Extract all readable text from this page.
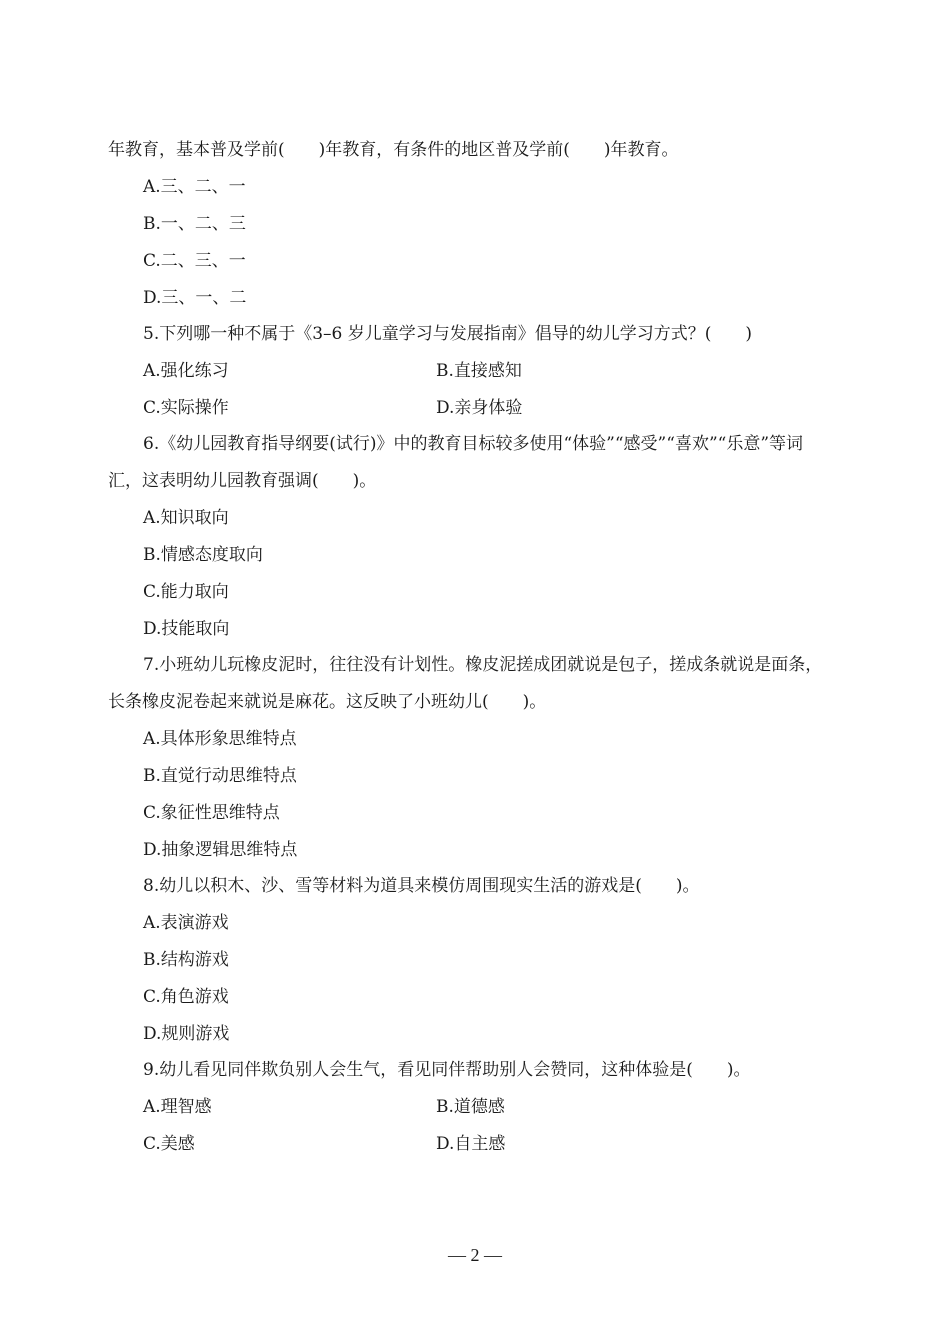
年教育，基本普及学前(　　)年教育，有条件的地区普及学前(　　)年教育。
A.三、二、一
B.一、二、三
C.二、三、一
D.三、一、二
5.下列哪一种不属于《3–6 岁儿童学习与发展指南》倡导的幼儿学习方式？(　　)
A.强化练习	B.直接感知
C.实际操作	D.亲身体验
6.《幼儿园教育指导纲要(试行)》中的教育目标较多使用“体验”“感受”“喜欢”“乐意”等词
汇，这表明幼儿园教育强调(　　)。
A.知识取向
B.情感态度取向
C.能力取向
D.技能取向
7.小班幼儿玩橡皮泥时，往往没有计划性。橡皮泥搓成团就说是包子，搓成条就说是面条，
长条橡皮泥卷起来就说是麻花。这反映了小班幼儿(　　)。
A.具体形象思维特点
B.直觉行动思维特点
C.象征性思维特点
D.抽象逻辑思维特点
8.幼儿以积木、沙、雪等材料为道具来模仿周围现实生活的游戏是(　　)。
A.表演游戏
B.结构游戏
C.角色游戏
D.规则游戏
9.幼儿看见同伴欺负别人会生气，看见同伴帮助别人会赞同，这种体验是(　　)。
A.理智感	B.道德感
C.美感	D.自主感
— 2 —
